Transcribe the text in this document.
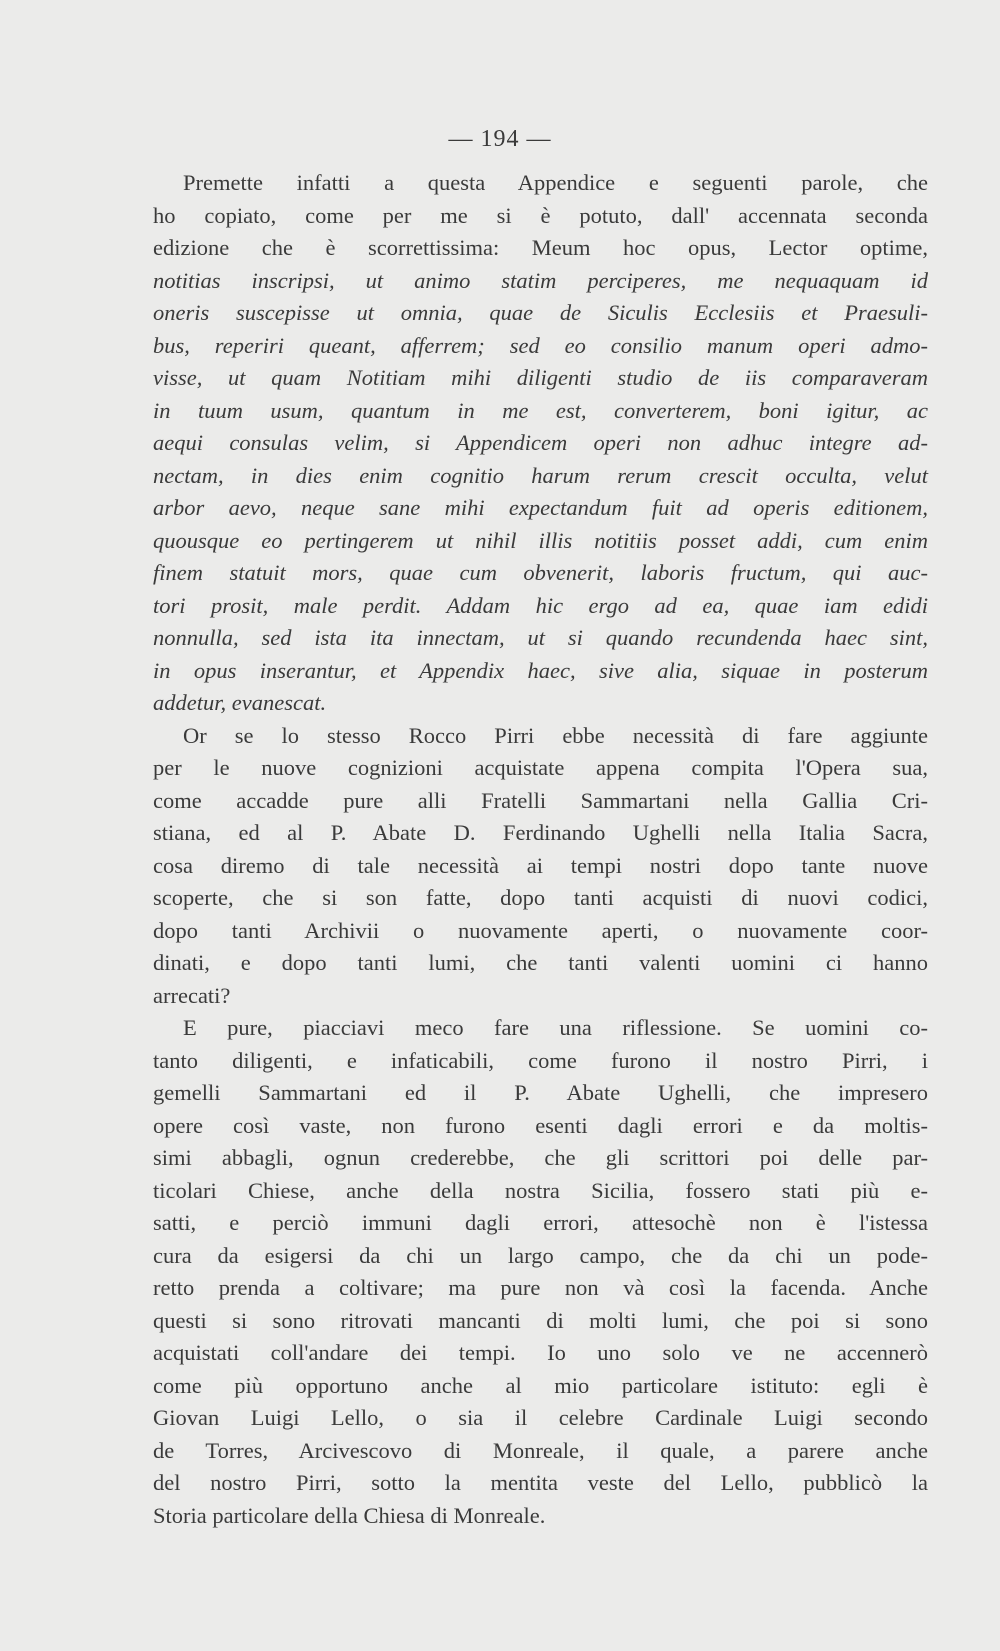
— 194 —
Premette infatti a questa Appendice e seguenti parole, che
ho copiato, come per me si è potuto, dall' accennata seconda
edizione che è scorrettissima: Meum hoc opus, Lector optime,
notitias inscripsi, ut animo statim perciperes, me nequaquam id
oneris suscepisse ut omnia, quae de Siculis Ecclesiis et Praesuli-
bus, reperiri queant, afferrem; sed eo consilio manum operi admo-
visse, ut quam Notitiam mihi diligenti studio de iis comparaveram
in tuum usum, quantum in me est, converterem, boni igitur, ac
aequi consulas velim, si Appendicem operi non adhuc integre ad-
nectam, in dies enim cognitio harum rerum crescit occulta, velut
arbor aevo, neque sane mihi expectandum fuit ad operis editionem,
quousque eo pertingerem ut nihil illis notitiis posset addi, cum enim
finem statuit mors, quae cum obvenerit, laboris fructum, qui auc-
tori prosit, male perdit. Addam hic ergo ad ea, quae iam edidi
nonnulla, sed ista ita innectam, ut si quando recundenda haec sint,
in opus inserantur, et Appendix haec, sive alia, siquae in posterum
addetur, evanescat.
Or se lo stesso Rocco Pirri ebbe necessità di fare aggiunte
per le nuove cognizioni acquistate appena compita l'Opera sua,
come accadde pure alli Fratelli Sammartani nella Gallia Cri-
stiana, ed al P. Abate D. Ferdinando Ughelli nella Italia Sacra,
cosa diremo di tale necessità ai tempi nostri dopo tante nuove
scoperte, che si son fatte, dopo tanti acquisti di nuovi codici,
dopo tanti Archivii o nuovamente aperti, o nuovamente coor-
dinati, e dopo tanti lumi, che tanti valenti uomini ci hanno
arrecati?
E pure, piacciavi meco fare una riflessione. Se uomini co-
tanto diligenti, e infaticabili, come furono il nostro Pirri, i
gemelli Sammartani ed il P. Abate Ughelli, che impresero
opere così vaste, non furono esenti dagli errori e da moltis-
simi abbagli, ognun crederebbe, che gli scrittori poi delle par-
ticolari Chiese, anche della nostra Sicilia, fossero stati più e-
satti, e perciò immuni dagli errori, attesochè non è l'istessa
cura da esigersi da chi un largo campo, che da chi un pode-
retto prenda a coltivare; ma pure non và così la facenda. Anche
questi si sono ritrovati mancanti di molti lumi, che poi si sono
acquistati coll'andare dei tempi. Io uno solo ve ne accennerò
come più opportuno anche al mio particolare istituto: egli è
Giovan Luigi Lello, o sia il celebre Cardinale Luigi secondo
de Torres, Arcivescovo di Monreale, il quale, a parere anche
del nostro Pirri, sotto la mentita veste del Lello, pubblicò la
Storia particolare della Chiesa di Monreale.
